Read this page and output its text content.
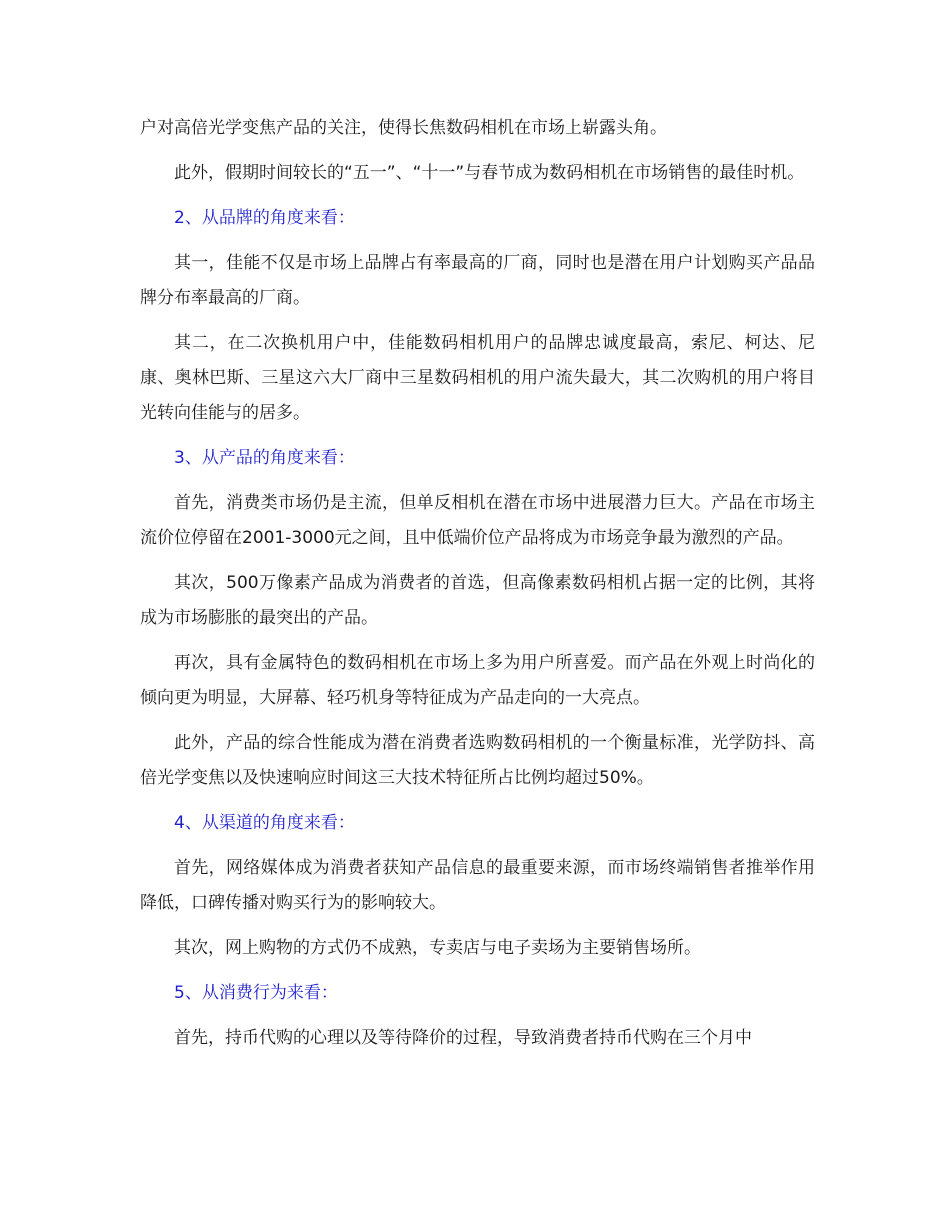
户对高倍光学变焦产品的关注，使得长焦数码相机在市场上崭露头角。

此外，假期时间较长的“五一”、“十一”与春节成为数码相机在市场销售的最佳时机。

2、从品牌的角度来看：

其一，佳能不仅是市场上品牌占有率最高的厂商，同时也是潜在用户计划购买产品品牌分布率最高的厂商。

其二，在二次换机用户中，佳能数码相机用户的品牌忠诚度最高，索尼、柯达、尼康、奥林巴斯、三星这六大厂商中三星数码相机的用户流失最大，其二次购机的用户将目光转向佳能与的居多。

3、从产品的角度来看：

首先，消费类市场仍是主流，但单反相机在潜在市场中进展潜力巨大。产品在市场主流价位停留在2001-3000元之间，且中低端价位产品将成为市场竞争最为激烈的产品。

其次，500万像素产品成为消费者的首选，但高像素数码相机占据一定的比例，其将成为市场膨胀的最突出的产品。

再次，具有金属特色的数码相机在市场上多为用户所喜爱。而产品在外观上时尚化的倾向更为明显，大屏幕、轻巧机身等特征成为产品走向的一大亮点。

此外，产品的综合性能成为潜在消费者选购数码相机的一个衡量标准，光学防抖、高倍光学变焦以及快速响应时间这三大技术特征所占比例均超过50%。

4、从渠道的角度来看：

首先，网络媒体成为消费者获知产品信息的最重要来源，而市场终端销售者推举作用降低，口碑传播对购买行为的影响较大。

其次，网上购物的方式仍不成熟，专卖店与电子卖场为主要销售场所。

5、从消费行为来看：

首先，持币代购的心理以及等待降价的过程，导致消费者持币代购在三个月中
